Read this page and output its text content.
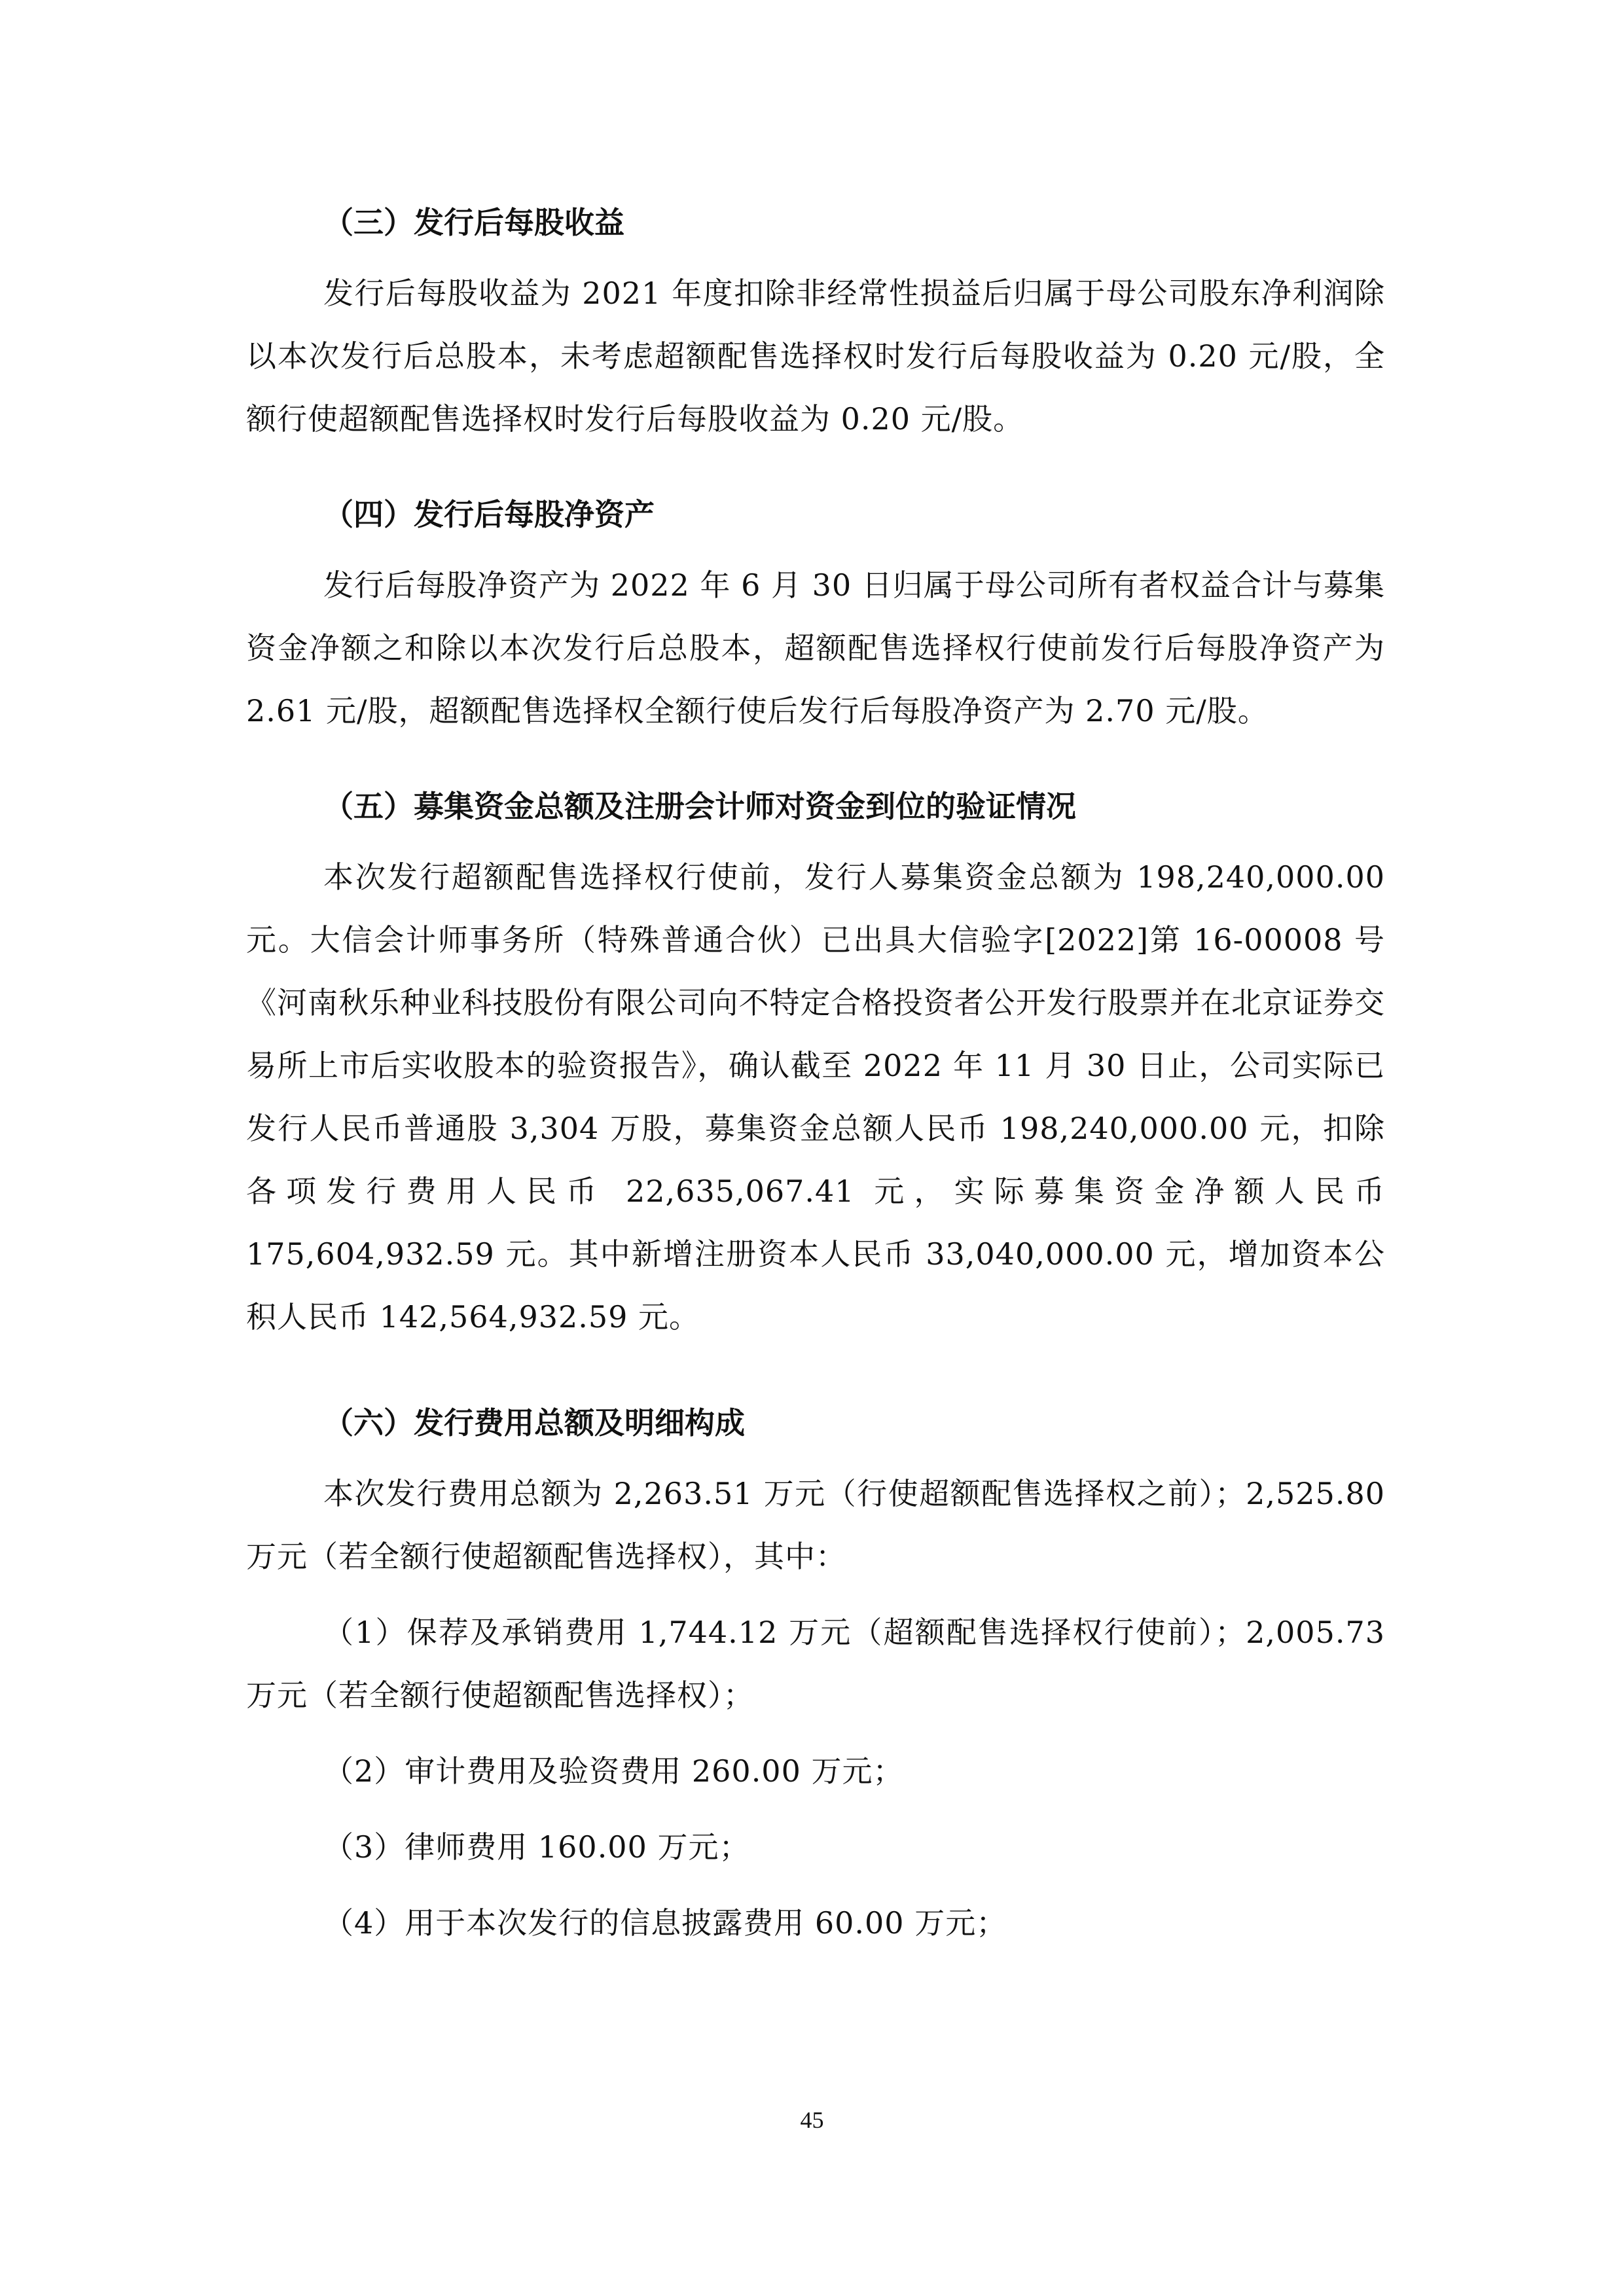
（三）发行后每股收益

发行后每股收益为 2021 年度扣除非经常性损益后归属于母公司股东净利润除以本次发行后总股本，未考虑超额配售选择权时发行后每股收益为 0.20 元/股，全额行使超额配售选择权时发行后每股收益为 0.20 元/股。

（四）发行后每股净资产

发行后每股净资产为 2022 年 6 月 30 日归属于母公司所有者权益合计与募集资金净额之和除以本次发行后总股本，超额配售选择权行使前发行后每股净资产为 2.61 元/股，超额配售选择权全额行使后发行后每股净资产为 2.70 元/股。

（五）募集资金总额及注册会计师对资金到位的验证情况

本次发行超额配售选择权行使前，发行人募集资金总额为 198,240,000.00 元。大信会计师事务所（特殊普通合伙）已出具大信验字[2022]第 16-00008 号《河南秋乐种业科技股份有限公司向不特定合格投资者公开发行股票并在北京证券交易所上市后实收股本的验资报告》，确认截至 2022 年 11 月 30 日止，公司实际已发行人民币普通股 3,304 万股，募集资金总额人民币 198,240,000.00 元，扣除各项发行费用人民币 22,635,067.41 元，实际募集资金净额人民币 175,604,932.59 元。其中新增注册资本人民币 33,040,000.00 元，增加资本公积人民币 142,564,932.59 元。

（六）发行费用总额及明细构成

本次发行费用总额为 2,263.51 万元（行使超额配售选择权之前）；2,525.80 万元（若全额行使超额配售选择权），其中：

（1）保荐及承销费用 1,744.12 万元（超额配售选择权行使前）；2,005.73 万元（若全额行使超额配售选择权）；

（2）审计费用及验资费用 260.00 万元；

（3）律师费用 160.00 万元；

（4）用于本次发行的信息披露费用 60.00 万元；

45
